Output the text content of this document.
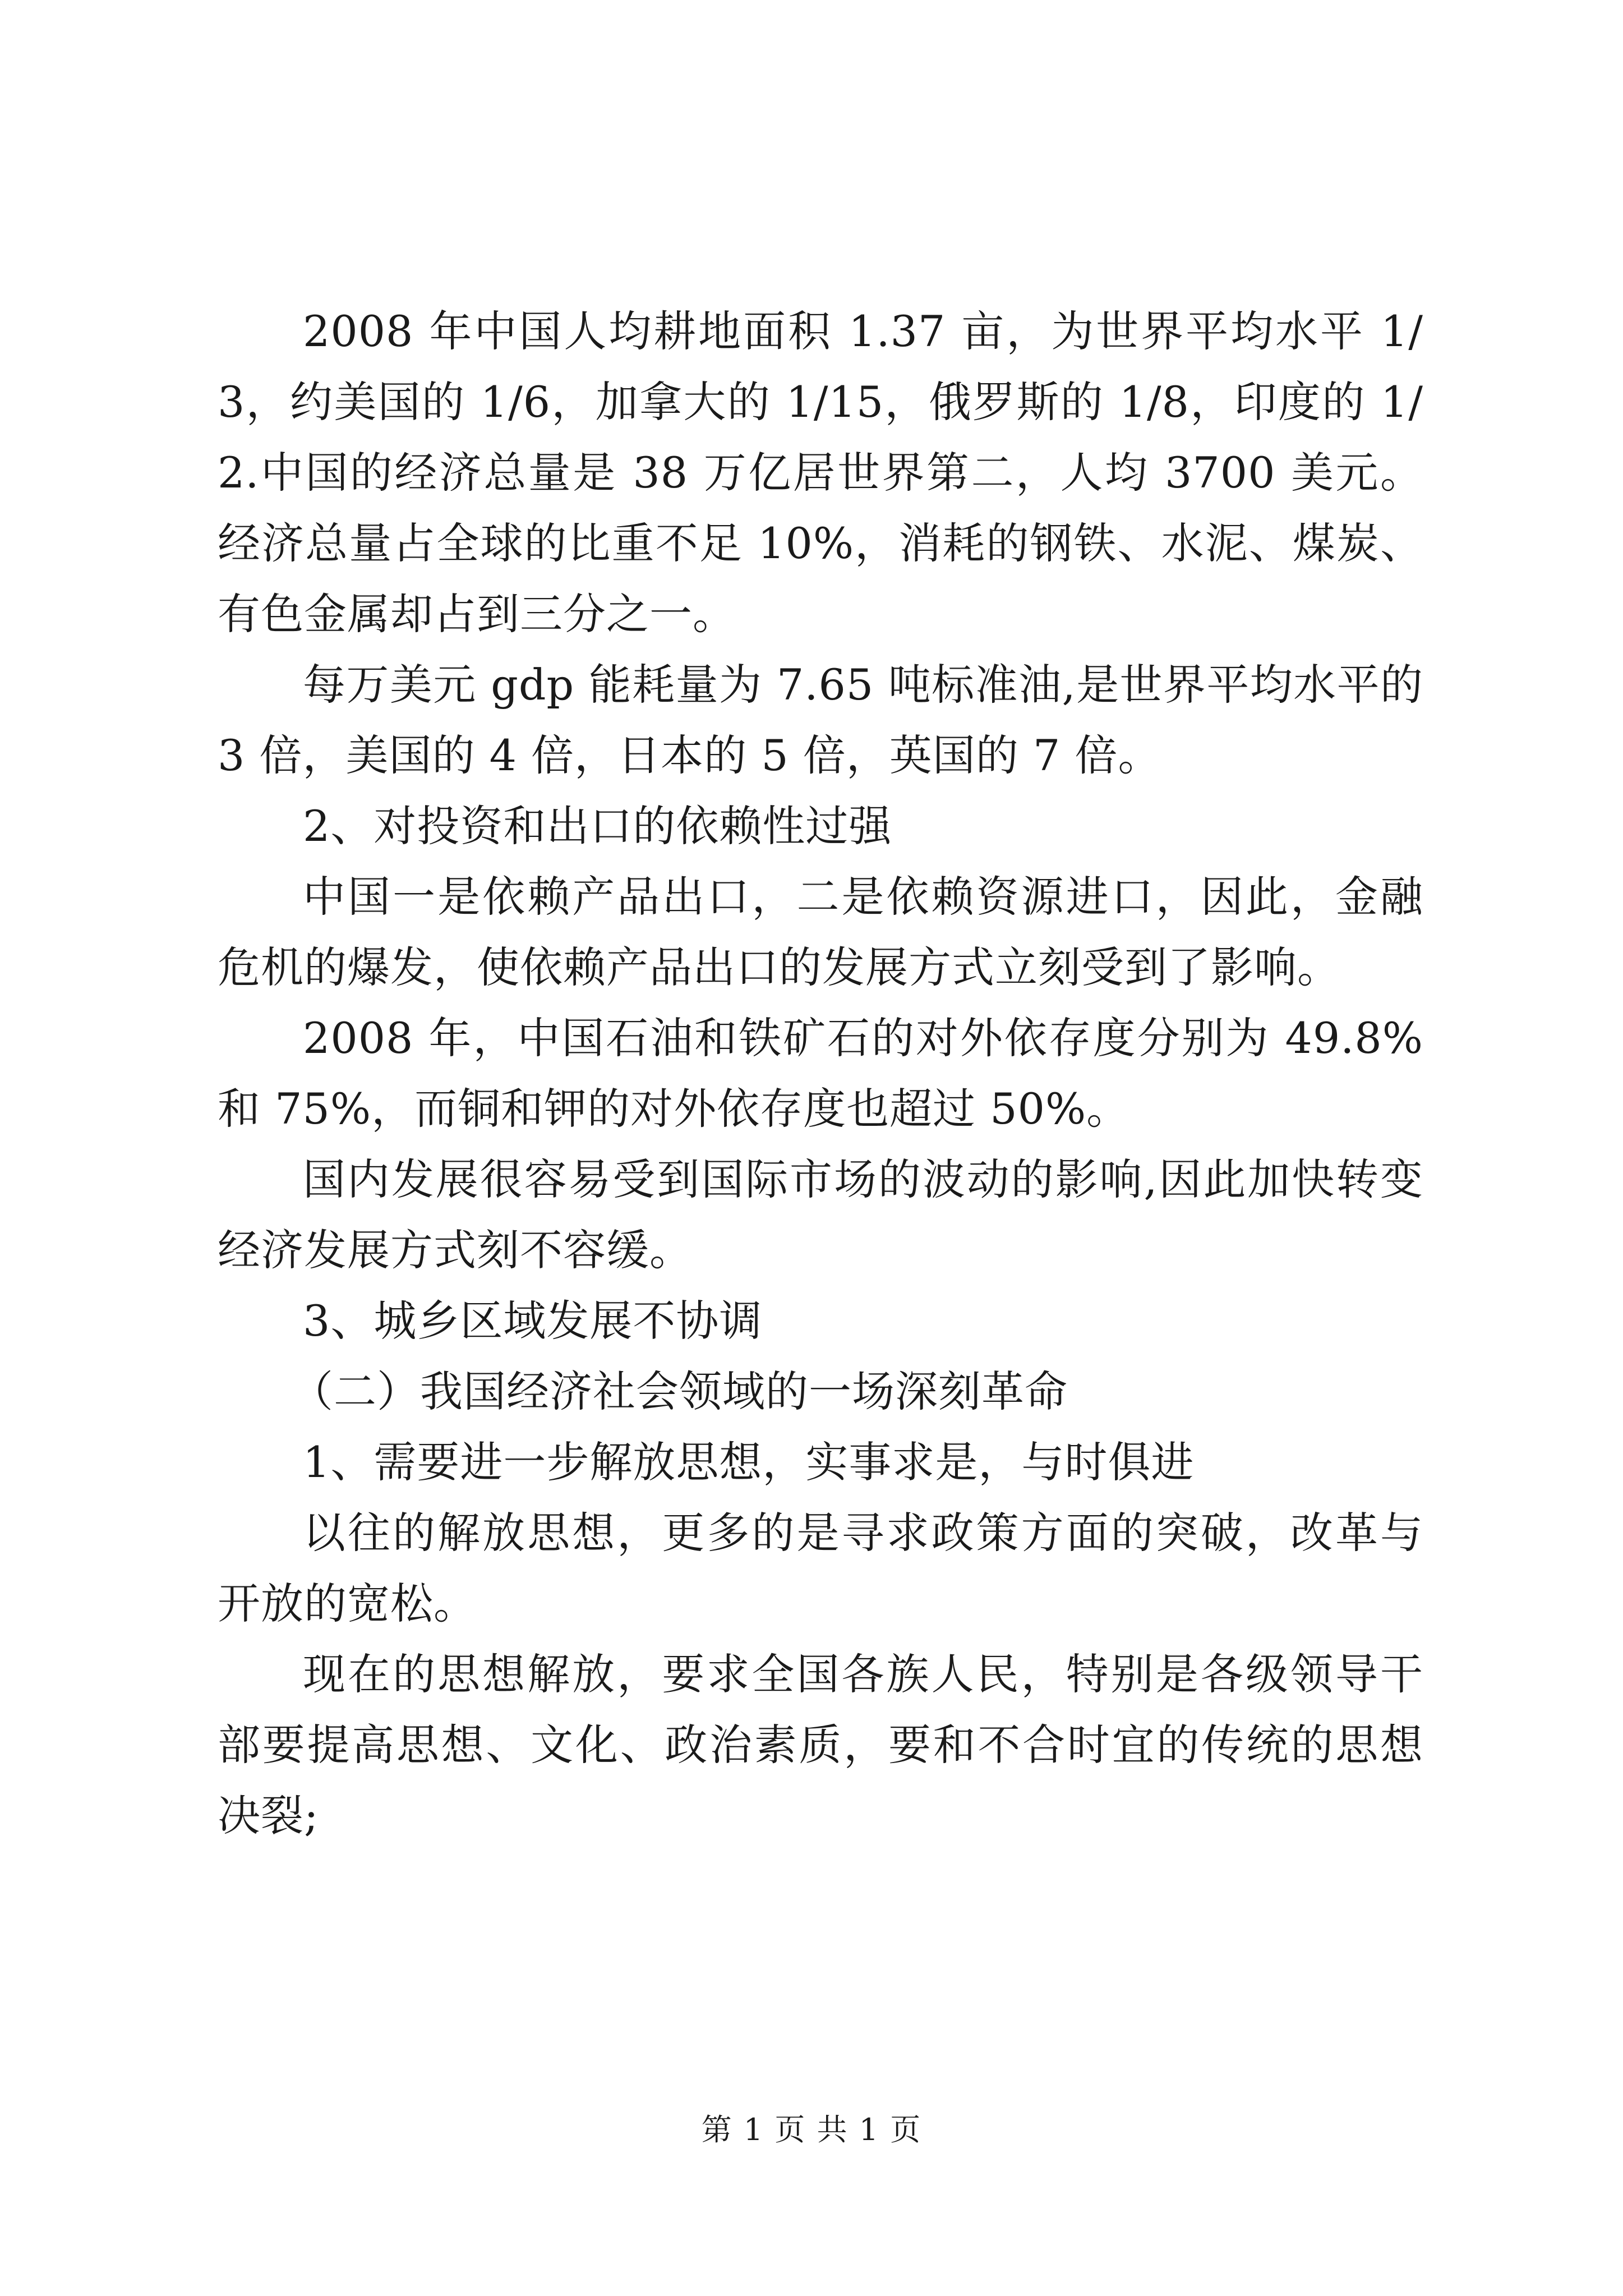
2008 年中国人均耕地面积 1.37 亩，为世界平均水平 1/3，约美国的 1/6，加拿大的 1/15，俄罗斯的 1/8，印度的 1/2.中国的经济总量是 38 万亿居世界第二，人均 3700 美元。经济总量占全球的比重不足 10%，消耗的钢铁、水泥、煤炭、有色金属却占到三分之一。

每万美元 gdp 能耗量为 7.65 吨标准油,是世界平均水平的 3 倍，美国的 4 倍，日本的 5 倍，英国的 7 倍。

2、对投资和出口的依赖性过强

中国一是依赖产品出口，二是依赖资源进口，因此，金融危机的爆发，使依赖产品出口的发展方式立刻受到了影响。

2008 年，中国石油和铁矿石的对外依存度分别为 49.8%和 75%，而铜和钾的对外依存度也超过 50%。

国内发展很容易受到国际市场的波动的影响,因此加快转变经济发展方式刻不容缓。

3、城乡区域发展不协调

（二）我国经济社会领域的一场深刻革命

1、需要进一步解放思想，实事求是，与时俱进

以往的解放思想，更多的是寻求政策方面的突破，改革与开放的宽松。

现在的思想解放，要求全国各族人民，特别是各级领导干部要提高思想、文化、政治素质，要和不合时宜的传统的思想决裂;

第 1 页 共 1 页
